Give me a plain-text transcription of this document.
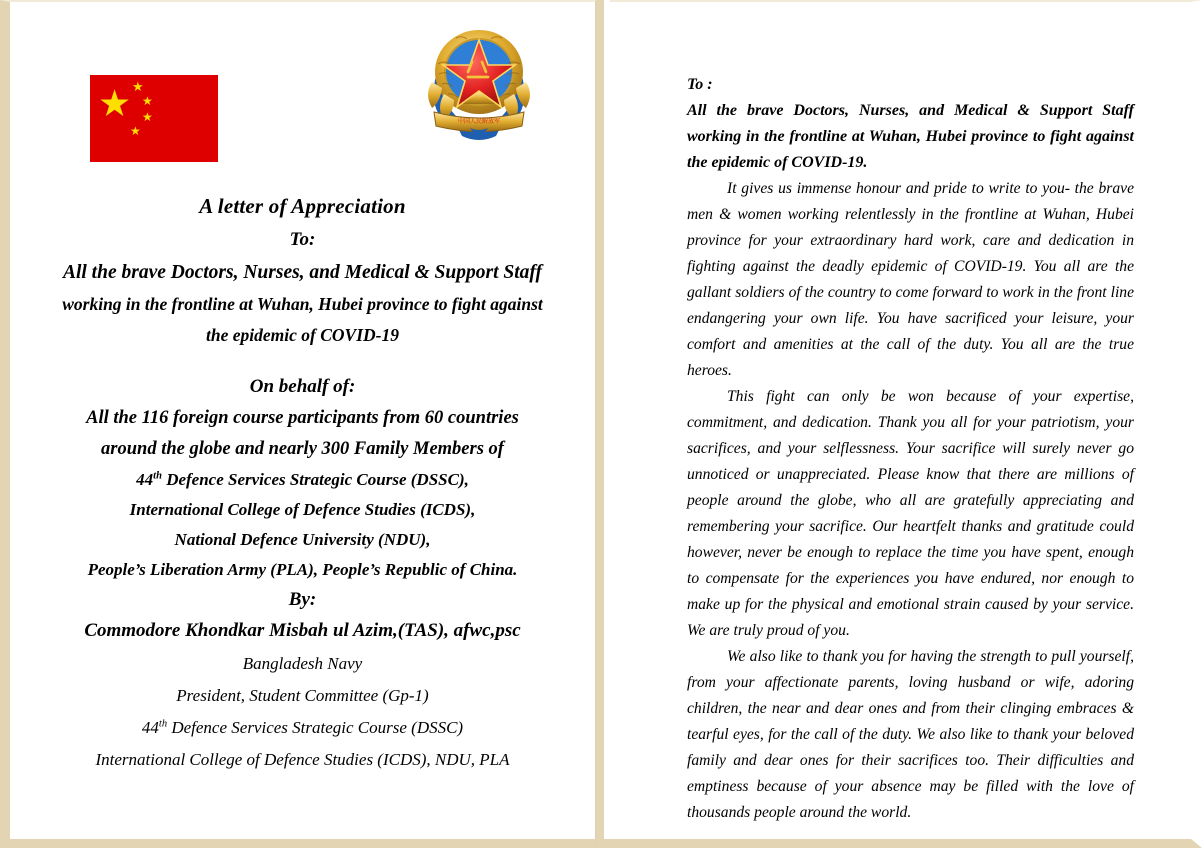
★ ★
★
★
★
中国人民解放军

A letter of Appreciation

To:

All the brave Doctors, Nurses, and Medical & Support Staff

working in the frontline at Wuhan, Hubei province to fight against

the epidemic of COVID-19

On behalf of:

All the 116 foreign course participants from 60 countries

around the globe and nearly 300 Family Members of

44th Defence Services Strategic Course (DSSC),

International College of Defence Studies (ICDS),

National Defence University (NDU),

People’s Liberation Army (PLA), People’s Republic of China.

By:

Commodore Khondkar Misbah ul Azim,(TAS), afwc,psc

Bangladesh Navy

President, Student Committee (Gp-1)

44th Defence Services Strategic Course (DSSC)

International College of Defence Studies (ICDS), NDU, PLA

To :

All the brave Doctors, Nurses, and Medical & Support Staff working in the frontline at Wuhan, Hubei province to fight against the epidemic of COVID-19.

It gives us immense honour and pride to write to you- the brave men & women working relentlessly in the frontline at Wuhan, Hubei province for your extraordinary hard work, care and dedication in fighting against the deadly epidemic of COVID-19. You all are the gallant soldiers of the country to come forward to work in the front line endangering your own life. You have sacrificed your leisure, your comfort and amenities at the call of the duty. You all are the true heroes.

This fight can only be won because of your expertise, commitment, and dedication. Thank you all for your patriotism, your sacrifices, and your selflessness. Your sacrifice will surely never go unnoticed or unappreciated. Please know that there are millions of people around the globe, who all are gratefully appreciating and remembering your sacrifice. Our heartfelt thanks and gratitude could however, never be enough to replace the time you have spent, enough to compensate for the experiences you have endured, nor enough to make up for the physical and emotional strain caused by your service. We are truly proud of you.

We also like to thank you for having the strength to pull yourself, from your affectionate parents, loving husband or wife, adoring children, the near and dear ones and from their clinging embraces & tearful eyes, for the call of the duty. We also like to thank your beloved family and dear ones for their sacrifices too. Their difficulties and emptiness because of your absence may be filled with the love of thousands people around the world.
